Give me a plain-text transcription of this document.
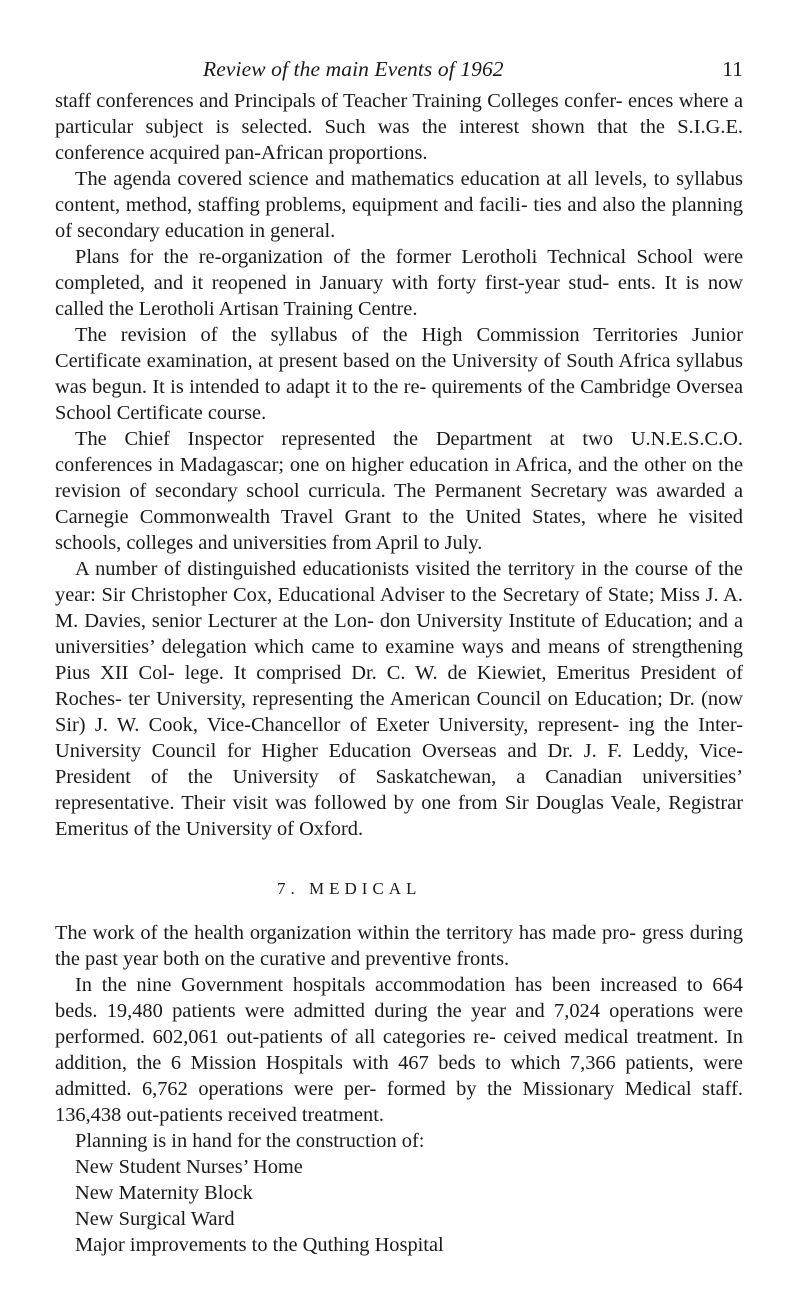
Review of the main Events of 1962	11

staff conferences and Principals of Teacher Training Colleges confer- ences where a particular subject is selected. Such was the interest shown that the S.I.G.E. conference acquired pan-African proportions.

The agenda covered science and mathematics education at all levels, to syllabus content, method, staffing problems, equipment and facili- ties and also the planning of secondary education in general.

Plans for the re-organization of the former Lerotholi Technical School were completed, and it reopened in January with forty first-year stud- ents. It is now called the Lerotholi Artisan Training Centre.

The revision of the syllabus of the High Commission Territories Junior Certificate examination, at present based on the University of South Africa syllabus was begun. It is intended to adapt it to the re- quirements of the Cambridge Oversea School Certificate course.

The Chief Inspector represented the Department at two U.N.E.S.C.O. conferences in Madagascar; one on higher education in Africa, and the other on the revision of secondary school curricula. The Permanent Secretary was awarded a Carnegie Commonwealth Travel Grant to the United States, where he visited schools, colleges and universities from April to July.

A number of distinguished educationists visited the territory in the course of the year: Sir Christopher Cox, Educational Adviser to the Secretary of State; Miss J. A. M. Davies, senior Lecturer at the Lon- don University Institute of Education; and a universities’ delegation which came to examine ways and means of strengthening Pius XII Col- lege. It comprised Dr. C. W. de Kiewiet, Emeritus President of Roches- ter University, representing the American Council on Education; Dr. (now Sir) J. W. Cook, Vice-Chancellor of Exeter University, represent- ing the Inter-University Council for Higher Education Overseas and Dr. J. F. Leddy, Vice-President of the University of Saskatchewan, a Canadian universities’ representative. Their visit was followed by one from Sir Douglas Veale, Registrar Emeritus of the University of Oxford.

7. MEDICAL

The work of the health organization within the territory has made pro- gress during the past year both on the curative and preventive fronts.

In the nine Government hospitals accommodation has been increased to 664 beds. 19,480 patients were admitted during the year and 7,024 operations were performed. 602,061 out-patients of all categories re- ceived medical treatment. In addition, the 6 Mission Hospitals with 467 beds to which 7,366 patients, were admitted. 6,762 operations were per- formed by the Missionary Medical staff. 136,438 out-patients received treatment.

Planning is in hand for the construction of:

New Student Nurses’ Home

New Maternity Block

New Surgical Ward

Major improvements to the Quthing Hospital
